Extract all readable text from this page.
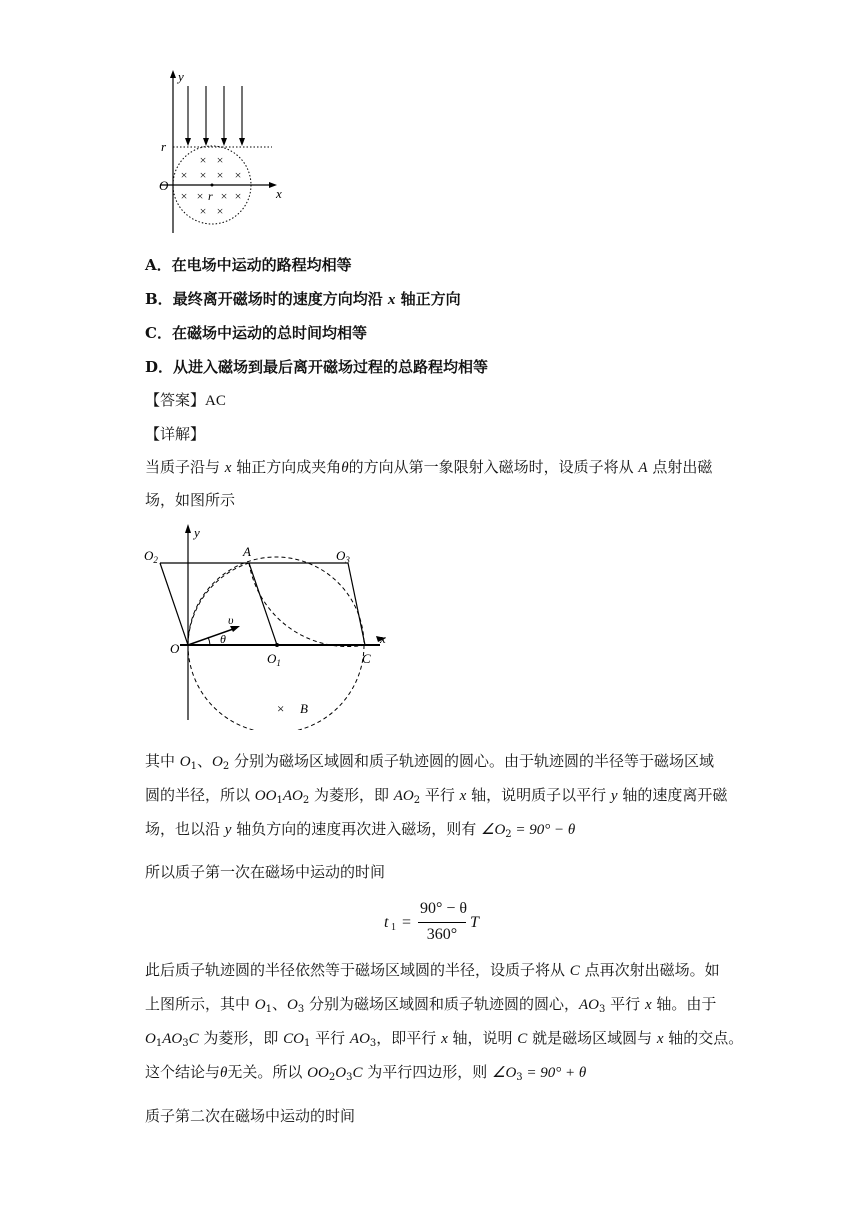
× ×
× × × ×
× × × ×
× ×
y
x
r
O
r
A．在电场中运动的路程均相等
B．最终离开磁场时的速度方向均沿 x 轴正方向
C．在磁场中运动的总时间均相等
D．从进入磁场到最后离开磁场过程的总路程均相等
【答案】AC
【详解】
当质子沿与 x 轴正方向成夹角θ的方向从第一象限射入磁场时，设质子将从 A 点射出磁
场，如图所示
y
x
$O_2$
A	$O_3$
υ
θ
O
$O_1$	C
× B
其中 $O_1$、$O_2$ 分别为磁场区域圆和质子轨迹圆的圆心。由于轨迹圆的半径等于磁场区域
圆的半径，所以 $OO_1AO_2$ 为菱形，即 $AO_2$ 平行 x 轴，说明质子以平行 y 轴的速度离开磁
场，也以沿 y 轴负方向的速度再次进入磁场，则有 $\angle O_2 = 90^\circ - \theta$
所以质子第一次在磁场中运动的时间
t 1 =
90° − θ
360°
T
此后质子轨迹圆的半径依然等于磁场区域圆的半径，设质子将从 C 点再次射出磁场。如
上图所示，其中 $O_1$、$O_3$ 分别为磁场区域圆和质子轨迹圆的圆心，$AO_3$ 平行 x 轴。由于
$O_1AO_3C$ 为菱形，即 $CO_1$ 平行 $AO_3$，即平行 x 轴，说明 C 就是磁场区域圆与 x 轴的交点。
这个结论与θ无关。所以 $OO_2O_3C$ 为平行四边形，则 $\angle O_3 = 90^\circ + \theta$
质子第二次在磁场中运动的时间
